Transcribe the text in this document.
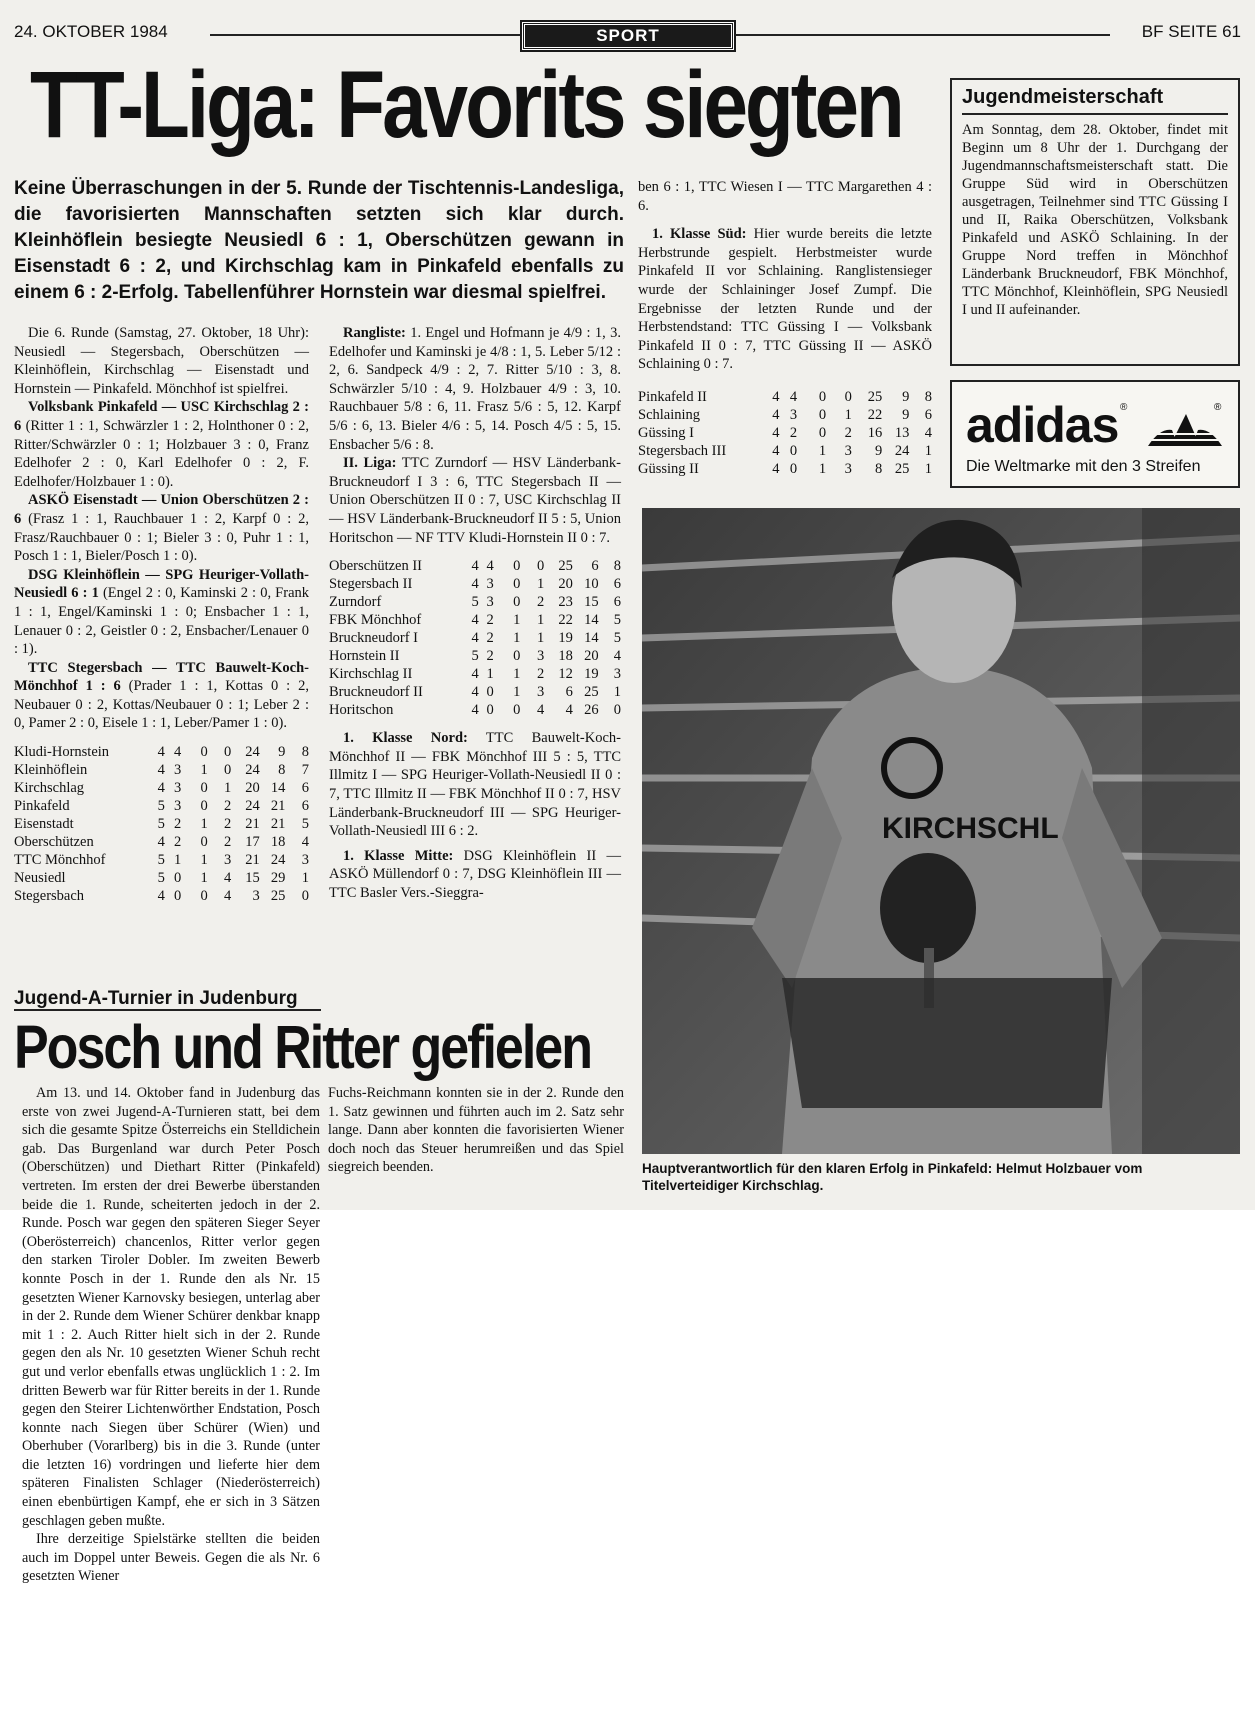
24. OKTOBER 1984	SPORT	BF SEITE 61
TT-Liga: Favorits siegten
Keine Überraschungen in der 5. Runde der Tischtennis-Landesliga, die favorisierten Mannschaften setzten sich klar durch. Kleinhöflein besiegte Neusiedl 6 : 1, Oberschützen gewann in Eisenstadt 6 : 2, und Kirchschlag kam in Pinkafeld ebenfalls zu einem 6 : 2-Erfolg. Tabellenführer Hornstein war diesmal spielfrei.

Die 6. Runde (Samstag, 27. Oktober, 18 Uhr): Neusiedl — Stegersbach, Oberschützen — Kleinhöflein, Kirchschlag — Eisenstadt und Hornstein — Pinkafeld. Mönchhof ist spielfrei.

Volksbank Pinkafeld — USC Kirchschlag 2 : 6 (Ritter 1 : 1, Schwärzler 1 : 2, Holnthoner 0 : 2, Ritter/Schwärzler 0 : 1; Holzbauer 3 : 0, Franz Edelhofer 2 : 0, Karl Edelhofer 0 : 2, F. Edelhofer/Holzbauer 1 : 0).

ASKÖ Eisenstadt — Union Oberschützen 2 : 6 (Frasz 1 : 1, Rauchbauer 1 : 2, Karpf 0 : 2, Frasz/Rauchbauer 0 : 1; Bieler 3 : 0, Puhr 1 : 1, Posch 1 : 1, Bieler/Posch 1 : 0).

DSG Kleinhöflein — SPG Heuriger-Vollath-Neusiedl 6 : 1 (Engel 2 : 0, Kaminski 2 : 0, Frank 1 : 1, Engel/Kaminski 1 : 0; Ensbacher 1 : 1, Lenauer 0 : 2, Geistler 0 : 2, Ensbacher/Lenauer 0 : 1).

TTC Stegersbach — TTC Bauwelt-Koch-Mönchhof 1 : 6 (Prader 1 : 1, Kottas 0 : 2, Neubauer 0 : 2, Kottas/Neubauer 0 : 1; Leber 2 : 0, Pamer 2 : 0, Eisele 1 : 1, Leber/Pamer 1 : 0).

Kludi-Hornstein	4	4	0	0	24	9	8
Kleinhöflein	4	3	1	0	24	8	7
Kirchschlag	4	3	0	1	20	14	6
Pinkafeld	5	3	0	2	24	21	6
Eisenstadt	5	2	1	2	21	21	5
Oberschützen	4	2	0	2	17	18	4
TTC Mönchhof	5	1	1	3	21	24	3
Neusiedl	5	0	1	4	15	29	1
Stegersbach	4	0	0	4	3	25	0

Rangliste: 1. Engel und Hofmann je 4/9 : 1, 3. Edelhofer und Kaminski je 4/8 : 1, 5. Leber 5/12 : 2, 6. Sandpeck 4/9 : 2, 7. Ritter 5/10 : 3, 8. Schwärzler 5/10 : 4, 9. Holzbauer 4/9 : 3, 10. Rauchbauer 5/8 : 6, 11. Frasz 5/6 : 5, 12. Karpf 5/6 : 6, 13. Bieler 4/6 : 5, 14. Posch 4/5 : 5, 15. Ensbacher 5/6 : 8.

II. Liga: TTC Zurndorf — HSV Länderbank-Bruckneudorf I 3 : 6, TTC Stegersbach II — Union Oberschützen II 0 : 7, USC Kirchschlag II — HSV Länderbank-Bruckneudorf II 5 : 5, Union Horitschon — NF TTV Kludi-Hornstein II 0 : 7.

Oberschützen II	4	4	0	0	25	6	8
Stegersbach II	4	3	0	1	20	10	6
Zurndorf	5	3	0	2	23	15	6
FBK Mönchhof	4	2	1	1	22	14	5
Bruckneudorf I	4	2	1	1	19	14	5
Hornstein II	5	2	0	3	18	20	4
Kirchschlag II	4	1	1	2	12	19	3
Bruckneudorf II	4	0	1	3	6	25	1
Horitschon	4	0	0	4	4	26	0

1. Klasse Nord: TTC Bauwelt-Koch-Mönchhof II — FBK Mönchhof III 5 : 5, TTC Illmitz I — SPG Heuriger-Vollath-Neusiedl II 0 : 7, TTC Illmitz II — FBK Mönchhof II 0 : 7, HSV Länderbank-Bruckneudorf III — SPG Heuriger-Vollath-Neusiedl III 6 : 2.

1. Klasse Mitte: DSG Kleinhöflein II — ASKÖ Müllendorf 0 : 7, DSG Kleinhöflein III — TTC Basler Vers.-Sieggra-

ben 6 : 1, TTC Wiesen I — TTC Margarethen 4 : 6.

1. Klasse Süd: Hier wurde bereits die letzte Herbstrunde gespielt. Herbstmeister wurde Pinkafeld II vor Schlaining. Ranglistensieger wurde der Schlaininger Josef Zumpf. Die Ergebnisse der letzten Runde und der Herbstendstand: TTC Güssing I — Volksbank Pinkafeld II 0 : 7, TTC Güssing II — ASKÖ Schlaining 0 : 7.

Pinkafeld II	4	4	0	0	25	9	8
Schlaining	4	3	0	1	22	9	6
Güssing I	4	2	0	2	16	13	4
Stegersbach III	4	0	1	3	9	24	1
Güssing II	4	0	1	3	8	25	1
Jugendmeisterschaft
Am Sonntag, dem 28. Oktober, findet mit Beginn um 8 Uhr der 1. Durchgang der Jugendmannschaftsmeisterschaft statt. Die Gruppe Süd wird in Oberschützen ausgetragen, Teilnehmer sind TTC Güssing I und II, Raika Oberschützen, Volksbank Pinkafeld und ASKÖ Schlaining. In der Gruppe Nord treffen in Mönchhof Länderbank Bruckneudorf, FBK Mönchhof, TTC Mönchhof, Kleinhöflein, SPG Neusiedl I und II aufeinander.
adidas ®	®
Die Weltmarke mit den 3 Streifen
KIRCHSCHL
Hauptverantwortlich für den klaren Erfolg in Pinkafeld: Helmut Holzbauer vom Titelverteidiger Kirchschlag.
Jugend-A-Turnier in Judenburg
Posch und Ritter gefielen

Am 13. und 14. Oktober fand in Judenburg das erste von zwei Jugend-A-Turnieren statt, bei dem sich die gesamte Spitze Österreichs ein Stelldichein gab. Das Burgenland war durch Peter Posch (Oberschützen) und Diethart Ritter (Pinkafeld) vertreten. Im ersten der drei Bewerbe überstanden beide die 1. Runde, scheiterten jedoch in der 2. Runde. Posch war gegen den späteren Sieger Seyer (Oberösterreich) chancenlos, Ritter verlor gegen den starken Tiroler Dobler. Im zweiten Bewerb konnte Posch in der 1. Runde den als Nr. 15 gesetzten Wiener Karnovsky besiegen, unterlag aber in der 2. Runde dem Wiener Schürer denkbar knapp mit 1 : 2. Auch Ritter hielt sich in der 2. Runde gegen den als Nr. 10 gesetzten Wiener Schuh recht gut und verlor ebenfalls etwas unglücklich 1 : 2. Im dritten Bewerb war für Ritter bereits in der 1. Runde gegen den Steirer Lichtenwörther Endstation, Posch konnte nach Siegen über Schürer (Wien) und Oberhuber (Vorarlberg) bis in die 3. Runde (unter die letzten 16) vordringen und lieferte hier dem späteren Finalisten Schlager (Niederösterreich) einen ebenbürtigen Kampf, ehe er sich in 3 Sätzen geschlagen geben mußte.

Ihre derzeitige Spielstärke stellten die beiden auch im Doppel unter Beweis. Gegen die als Nr. 6 gesetzten Wiener

Fuchs-Reichmann konnten sie in der 2. Runde den 1. Satz gewinnen und führten auch im 2. Satz sehr lange. Dann aber konnten die favorisierten Wiener doch noch das Steuer herumreißen und das Spiel siegreich beenden.
